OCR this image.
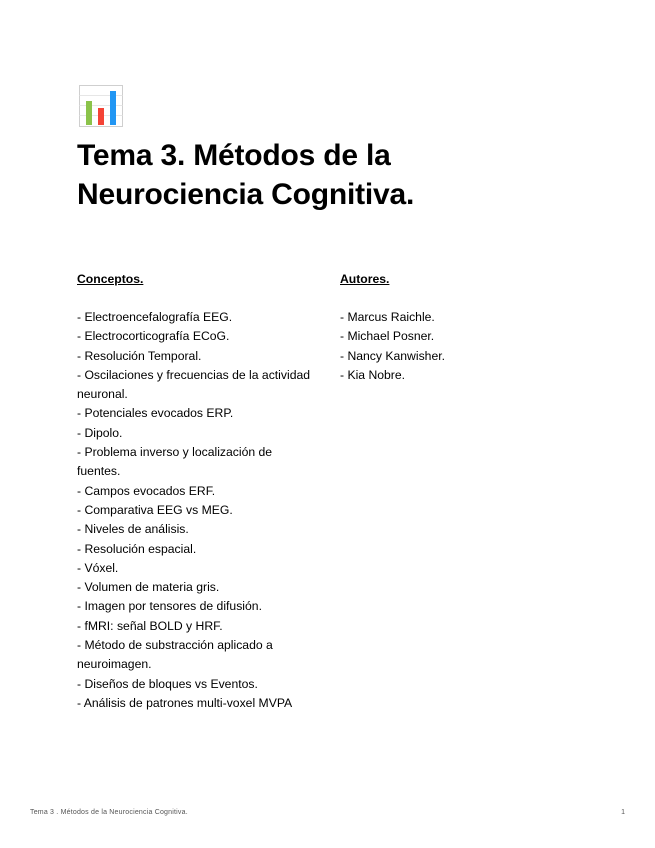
Tema 3. Métodos de la Neurociencia Cognitiva.
Conceptos.
- Electroencefalografía EEG.
- Electrocorticografía ECoG.
- Resolución Temporal.
- Oscilaciones y frecuencias de la actividad neuronal.
- Potenciales evocados ERP.
- Dipolo.
- Problema inverso y localización de fuentes.
- Campos evocados ERF.
- Comparativa EEG vs MEG.
- Niveles de análisis.
- Resolución espacial.
- Vóxel.
- Volumen de materia gris.
- Imagen por tensores de difusión.
- fMRI: señal BOLD y HRF.
- Método de substracción aplicado a neuroimagen.
- Diseños de bloques vs Eventos.
- Análisis de patrones multi-voxel MVPA
Autores.
- Marcus Raichle.
- Michael Posner.
- Nancy Kanwisher.
- Kia Nobre.
Tema 3 . Métodos de la Neurociencia Cognitiva.	1
